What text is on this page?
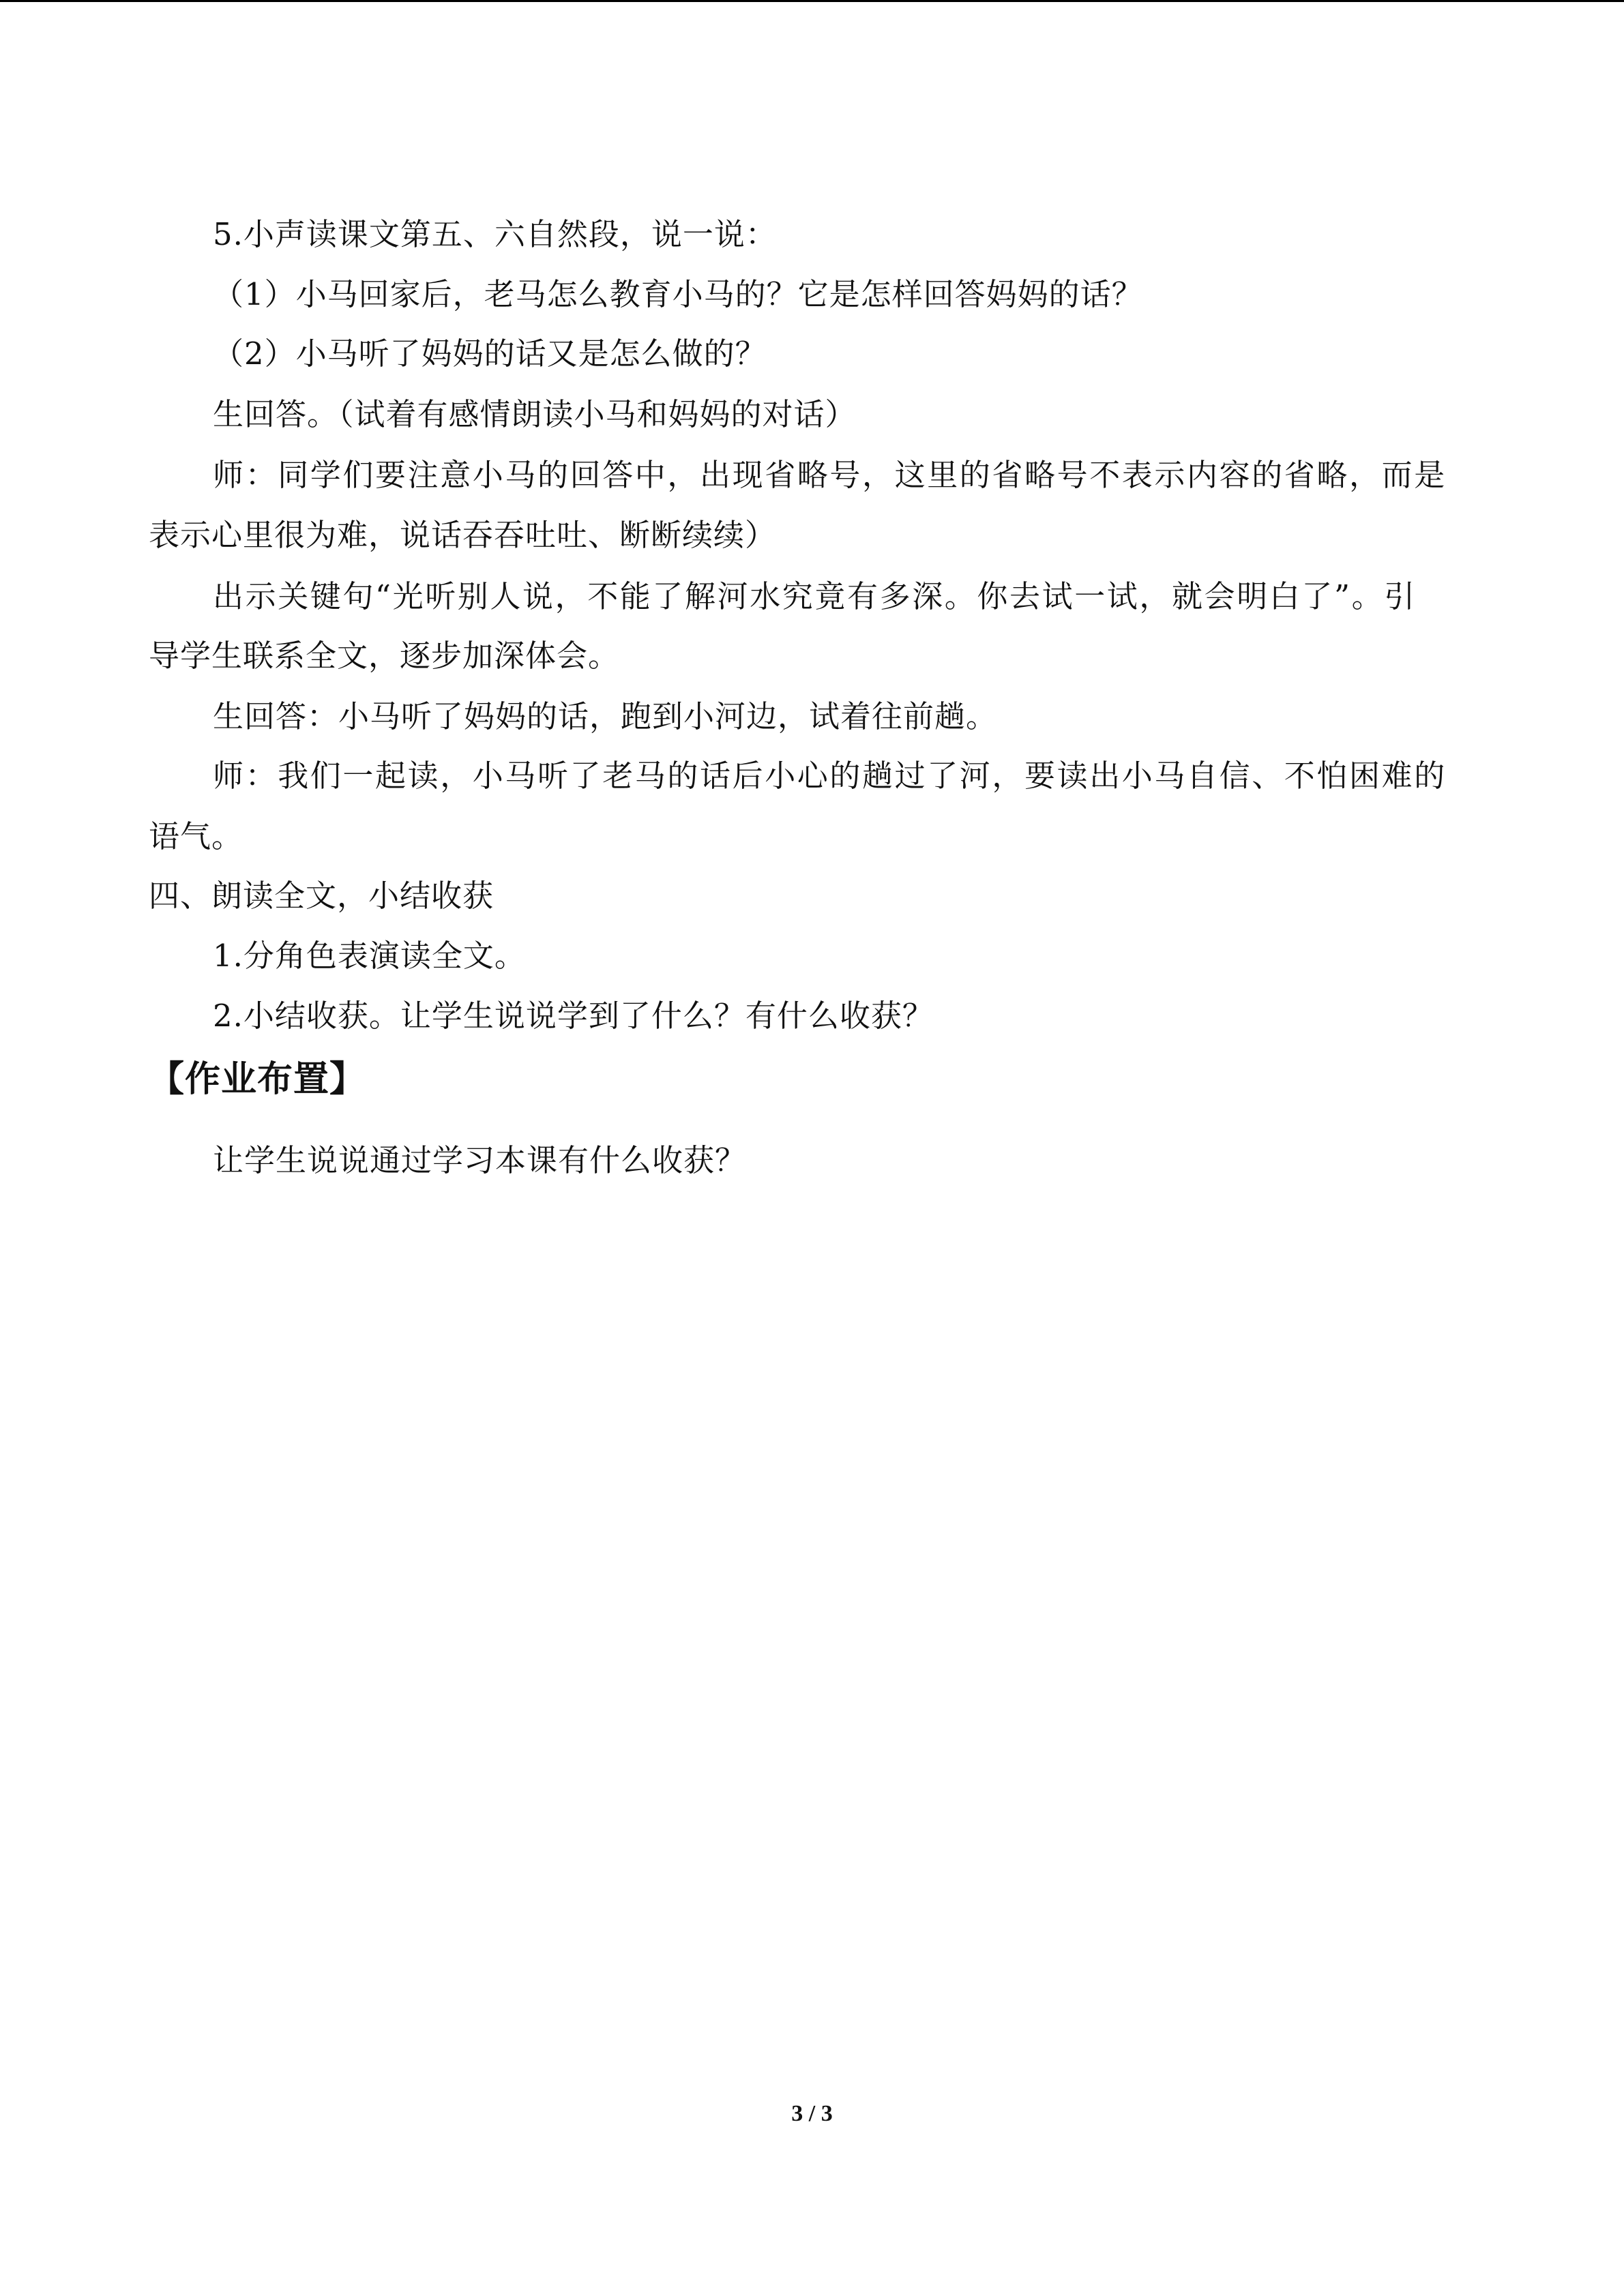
5.小声读课文第五、六自然段，说一说：
（1）小马回家后，老马怎么教育小马的？它是怎样回答妈妈的话？
（2）小马听了妈妈的话又是怎么做的？
生回答。（试着有感情朗读小马和妈妈的对话）
师：同学们要注意小马的回答中，出现省略号，这里的省略号不表示内容的省略，而是
表示心里很为难，说话吞吞吐吐、断断续续）
出示关键句“光听别人说，不能了解河水究竟有多深。你去试一试，就会明白了”。引
导学生联系全文，逐步加深体会。
生回答：小马听了妈妈的话，跑到小河边，试着往前趟。
师：我们一起读，小马听了老马的话后小心的趟过了河，要读出小马自信、不怕困难的
语气。
四、朗读全文，小结收获
1.分角色表演读全文。
2.小结收获。让学生说说学到了什么？有什么收获？
【作业布置】
让学生说说通过学习本课有什么收获？
3 / 3
